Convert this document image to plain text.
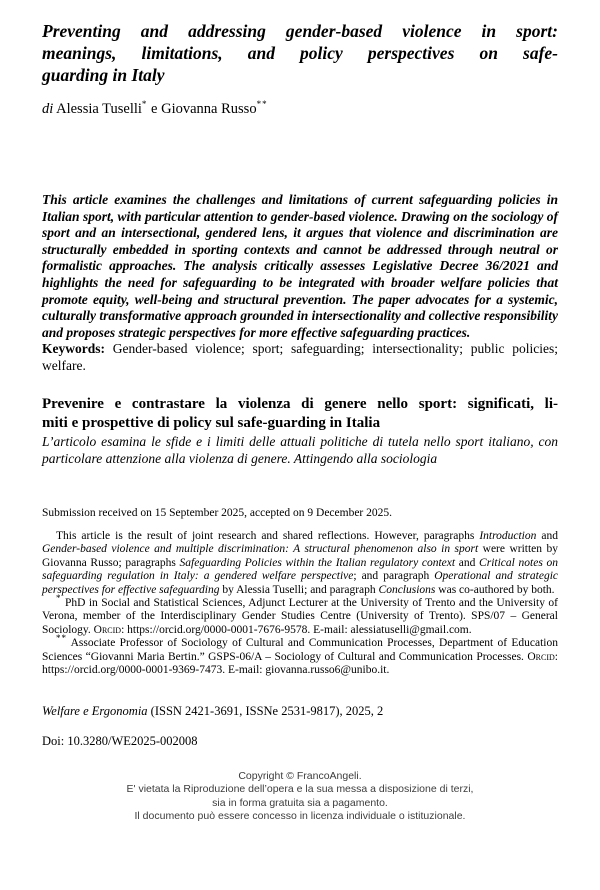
Preventing and addressing gender-based violence in sport:
meanings, limitations, and policy perspectives on safe-
guarding in Italy
di Alessia Tuselli* e Giovanna Russo**
This article examines the challenges and limitations of current safeguarding policies in Italian sport, with particular attention to gender-based violence. Drawing on the sociology of sport and an intersectional, gendered lens, it argues that violence and discrimination are structurally embedded in sporting contexts and cannot be addressed through neutral or formalistic approaches. The analysis critically assesses Legislative Decree 36/2021 and highlights the need for safeguarding to be integrated with broader welfare policies that promote equity, well-being and structural prevention. The paper advocates for a systemic, culturally transformative approach grounded in intersectionality and collective responsibility and proposes strategic perspectives for more effective safeguarding practices.
Keywords: Gender-based violence; sport; safeguarding; intersectionality; public policies; welfare.
Prevenire e contrastare la violenza di genere nello sport: significati, li-
miti e prospettive di policy sul safe-guarding in Italia
L’articolo esamina le sfide e i limiti delle attuali politiche di tutela nello sport italiano, con particolare attenzione alla violenza di genere. Attingendo alla sociologia
Submission received on 15 September 2025, accepted on 9 December 2025.

This article is the result of joint research and shared reflections. However, paragraphs Introduction and Gender-based violence and multiple discrimination: A structural phenomenon also in sport were written by Giovanna Russo; paragraphs Safeguarding Policies within the Italian regulatory context and Critical notes on safeguarding regulation in Italy: a gendered welfare perspective; and paragraph Operational and strategic perspectives for effective safeguarding by Alessia Tuselli; and paragraph Conclusions was co-authored by both.

* PhD in Social and Statistical Sciences, Adjunct Lecturer at the University of Trento and the University of Verona, member of the Interdisciplinary Gender Studies Centre (University of Trento). SPS/07 – General Sociology. Orcid: https://orcid.org/0000-0001-7676-9578. E-mail: alessiatuselli@gmail.com.

** Associate Professor of Sociology of Cultural and Communication Processes, Department of Education Sciences “Giovanni Maria Bertin.” GSPS-06/A – Sociology of Cultural and Communication Processes. Orcid: https://orcid.org/0000-0001-9369-7473. E-mail: giovanna.russo6@unibo.it.

Welfare e Ergonomia (ISSN 2421-3691, ISSNe 2531-9817), 2025, 2
Doi: 10.3280/WE2025-002008
Copyright © FrancoAngeli.
E' vietata la Riproduzione dell’opera e la sua messa a disposizione di terzi,
sia in forma gratuita sia a pagamento.
Il documento può essere concesso in licenza individuale o istituzionale.
